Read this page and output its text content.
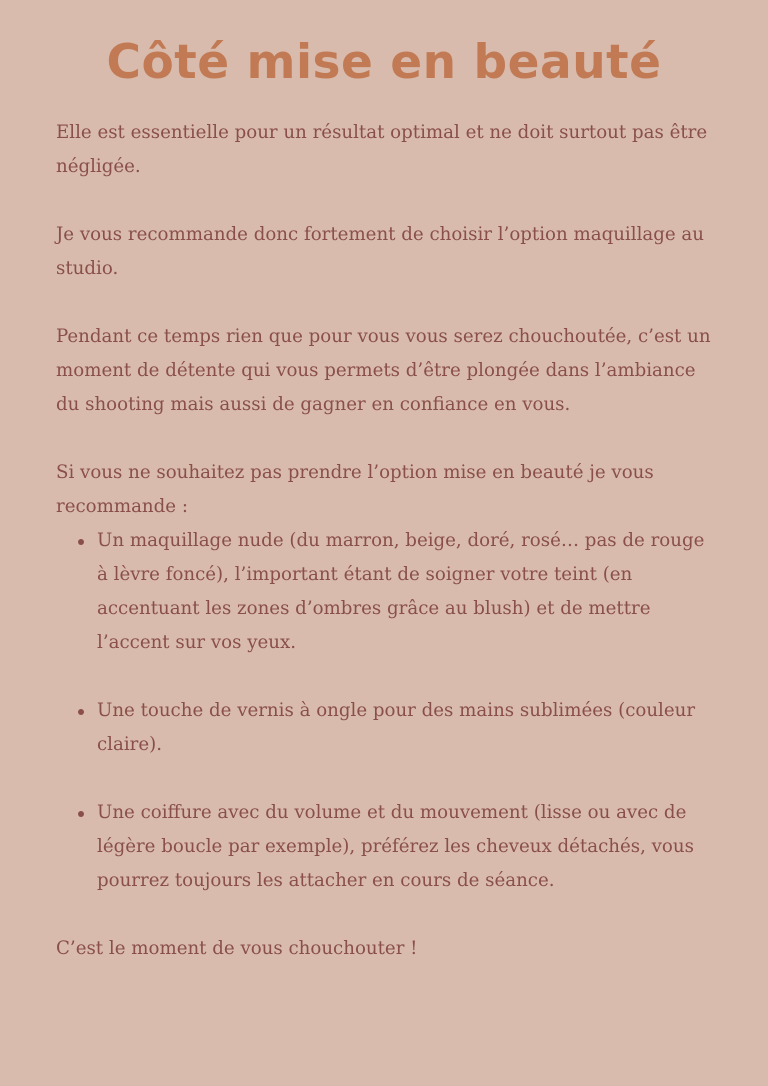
Côté mise en beauté

Elle est essentielle pour un résultat optimal et ne doit surtout pas être négligée.

Je vous recommande donc fortement de choisir l’option maquillage au studio.

Pendant ce temps rien que pour vous vous serez chouchoutée, c’est un moment de détente qui vous permets d’être plongée dans l’ambiance du shooting mais aussi de gagner en confiance en vous.

Si vous ne souhaitez pas prendre l’option mise en beauté je vous recommande :

Un maquillage nude (du marron, beige, doré, rosé… pas de rouge à lèvre foncé), l’important étant de soigner votre teint (en accentuant les zones d’ombres grâce au blush) et de mettre l’accent sur vos yeux.
Une touche de vernis à ongle pour des mains sublimées (couleur claire).
Une coiffure avec du volume et du mouvement (lisse ou avec de légère boucle par exemple), préférez les cheveux détachés, vous pourrez toujours les attacher en cours de séance.

C’est le moment de vous chouchouter !
